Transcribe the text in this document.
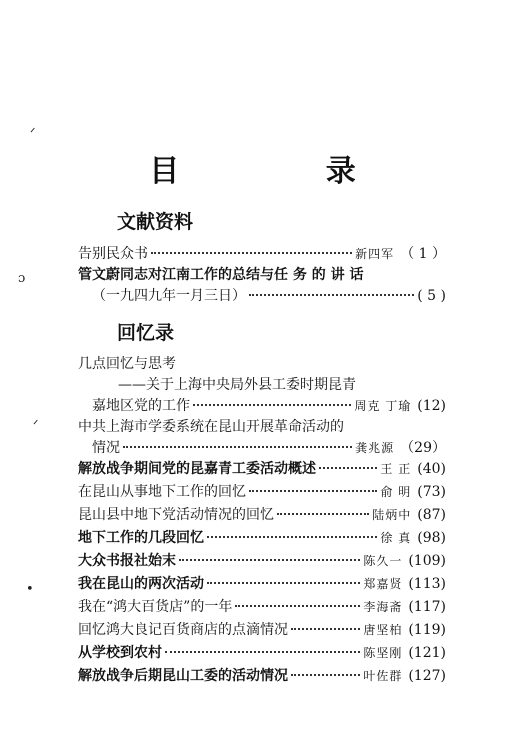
ᐟ
ɔ
ᐟ
•
目 录
文献资料
告别民众书	新四军 （ 1 ）
管文蔚同志对江南工作的总结与任 务 的 讲 话
（一九四九年一月三日）	( 5 )
回忆录
几点回忆与思考
——关于上海中央局外县工委时期昆青
嘉地区党的工作	周克 丁瑜 (12)
中共上海市学委系统在昆山开展革命活动的
情况	龚兆源 （29）
解放战争期间党的昆嘉青工委活动概述	王 正 (40)
在昆山从事地下工作的回忆	俞 明 (73)
昆山县中地下党活动情况的回忆	陆炳中 (87)
地下工作的几段回忆	徐 真 (98)
大众书报社始末	陈久一 (109)
我在昆山的两次活动	郑嘉贤 (113)
我在“鸿大百货店”的一年	李海斋 (117)
回忆鸿大良记百货商店的点滴情况	唐坚柏 (119)
从学校到农村	陈坚刚 (121)
解放战争后期昆山工委的活动情况	叶佐群 (127)
